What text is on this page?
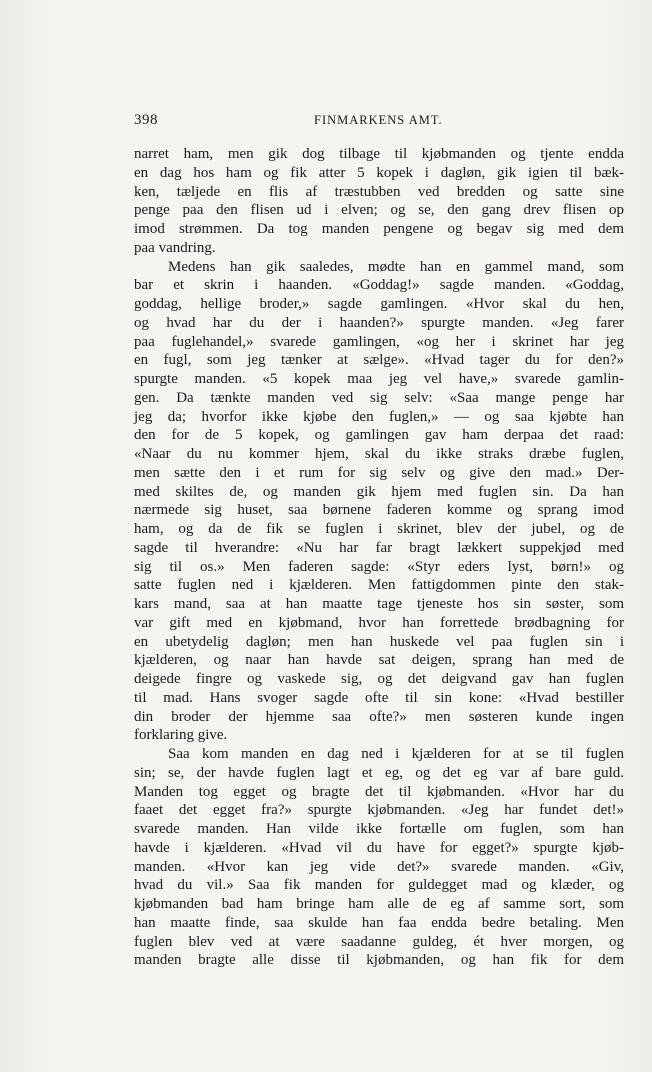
398	FINMARKENS AMT.
narret ham, men gik dog tilbage til kjøbmanden og tjente endda
en dag hos ham og fik atter 5 kopek i dagløn, gik igien til bæk-
ken, tæljede en flis af træstubben ved bredden og satte sine
penge paa den flisen ud i elven; og se, den gang drev flisen op
imod strømmen. Da tog manden pengene og begav sig med dem
paa vandring.
Medens han gik saaledes, mødte han en gammel mand, som
bar et skrin i haanden. «Goddag!» sagde manden. «Goddag,
goddag, hellige broder,» sagde gamlingen. «Hvor skal du hen,
og hvad har du der i haanden?» spurgte manden. «Jeg farer
paa fuglehandel,» svarede gamlingen, «og her i skrinet har jeg
en fugl, som jeg tænker at sælge». «Hvad tager du for den?»
spurgte manden. «5 kopek maa jeg vel have,» svarede gamlin-
gen. Da tænkte manden ved sig selv: «Saa mange penge har
jeg da; hvorfor ikke kjøbe den fuglen,» — og saa kjøbte han
den for de 5 kopek, og gamlingen gav ham derpaa det raad:
«Naar du nu kommer hjem, skal du ikke straks dræbe fuglen,
men sætte den i et rum for sig selv og give den mad.» Der-
med skiltes de, og manden gik hjem med fuglen sin. Da han
nærmede sig huset, saa børnene faderen komme og sprang imod
ham, og da de fik se fuglen i skrinet, blev der jubel, og de
sagde til hverandre: «Nu har far bragt lækkert suppekjød med
sig til os.» Men faderen sagde: «Styr eders lyst, børn!» og
satte fuglen ned i kjælderen. Men fattigdommen pinte den stak-
kars mand, saa at han maatte tage tjeneste hos sin søster, som
var gift med en kjøbmand, hvor han forrettede brødbagning for
en ubetydelig dagløn; men han huskede vel paa fuglen sin i
kjælderen, og naar han havde sat deigen, sprang han med de
deigede fingre og vaskede sig, og det deigvand gav han fuglen
til mad. Hans svoger sagde ofte til sin kone: «Hvad bestiller
din broder der hjemme saa ofte?» men søsteren kunde ingen
forklaring give.
Saa kom manden en dag ned i kjælderen for at se til fuglen
sin; se, der havde fuglen lagt et eg, og det eg var af bare guld.
Manden tog egget og bragte det til kjøbmanden. «Hvor har du
faaet det egget fra?» spurgte kjøbmanden. «Jeg har fundet det!»
svarede manden. Han vilde ikke fortælle om fuglen, som han
havde i kjælderen. «Hvad vil du have for egget?» spurgte kjøb-
manden. «Hvor kan jeg vide det?» svarede manden. «Giv,
hvad du vil.» Saa fik manden for guldegget mad og klæder, og
kjøbmanden bad ham bringe ham alle de eg af samme sort, som
han maatte finde, saa skulde han faa endda bedre betaling. Men
fuglen blev ved at være saadanne guldeg, ét hver morgen, og
manden bragte alle disse til kjøbmanden, og han fik for dem
